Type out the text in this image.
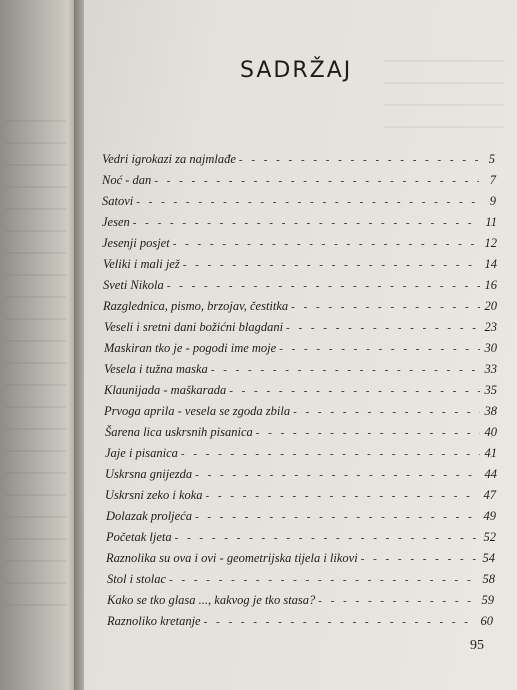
SADRŽAJ
Vedri igrokazi za najmlađe - - -	5
Noć - dan - - -	7
Satovi - - -	9
Jesen - - -	11
Jesenji posjet - - -	12
Veliki i mali jež - - -	14
Sveti Nikola - - -	16
Razglednica, pismo, brzojav, čestitka - - -	20
Veseli i sretni dani božićni blagdani - - -	23
Maskiran tko je - pogodi ime moje - - -	30
Vesela i tužna maska - - -	33
Klaunijada - maškarada - - -	35
Prvoga aprila - vesela se zgoda zbila - - -	38
Šarena lica uskrsnih pisanica - - -	40
Jaje i pisanica - - -	41
Uskrsna gnijezda - - -	44
Uskrsni zeko i koka - - -	47
Dolazak proljeća - - -	49
Početak ljeta - - -	52
Raznolika su ova i ovi - geometrijska tijela i likovi - - -	54
Stol i stolac - - -	58
Kako se tko glasa ..., kakvog je tko stasa? - - -	59
Raznoliko kretanje - - -	60
95
